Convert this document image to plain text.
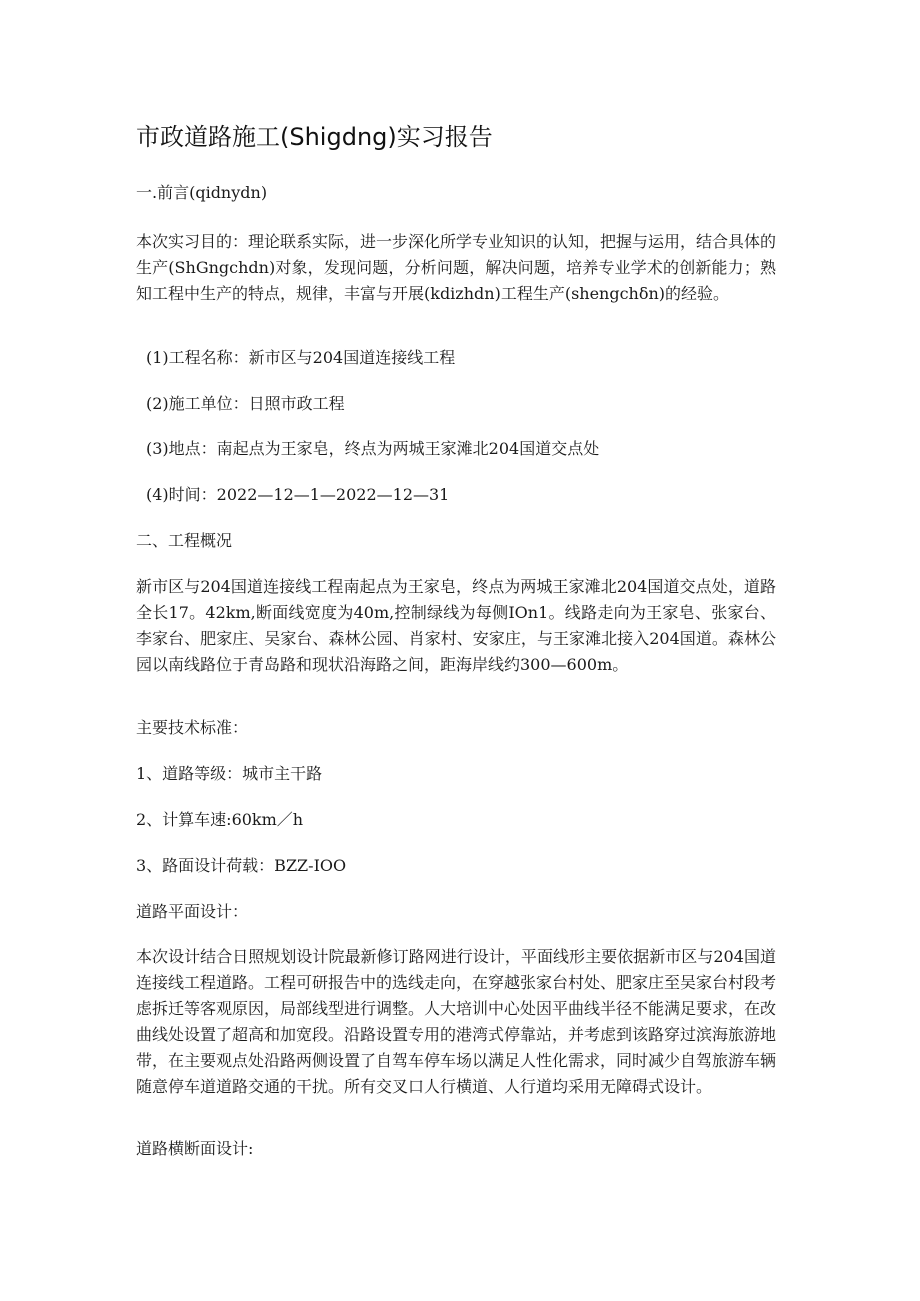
市政道路施工(Shigdng)实习报告

一.前言(qidnydn)

本次实习目的：理论联系实际，进一步深化所学专业知识的认知，把握与运用，结合具体的生产(ShGngchdn)对象，发现问题，分析问题，解决问题，培养专业学术的创新能力；熟知工程中生产的特点，规律，丰富与开展(kdizhdn)工程生产(shengchδn)的经验。

(1)工程名称：新市区与204国道连接线工程

(2)施工单位：日照市政工程

(3)地点：南起点为王家皂，终点为两城王家滩北204国道交点处

(4)时间：2022—12—1—2022—12—31

二、工程概况

新市区与204国道连接线工程南起点为王家皂，终点为两城王家滩北204国道交点处，道路全长17。42km,断面线宽度为40m,控制绿线为每侧IOn1。线路走向为王家皂、张家台、李家台、肥家庄、吴家台、森林公园、肖家村、安家庄，与王家滩北接入204国道。森林公园以南线路位于青岛路和现状沿海路之间，距海岸线约300—600m。

主要技术标准：

1、道路等级：城市主干路

2、计算车速:60km／h

3、路面设计荷载：BZZ-IOO

道路平面设计：

本次设计结合日照规划设计院最新修订路网进行设计，平面线形主要依据新市区与204国道连接线工程道路。工程可研报告中的选线走向，在穿越张家台村处、肥家庄至吴家台村段考虑拆迁等客观原因，局部线型进行调整。人大培训中心处因平曲线半径不能满足要求，在改曲线处设置了超高和加宽段。沿路设置专用的港湾式停靠站，并考虑到该路穿过滨海旅游地带，在主要观点处沿路两侧设置了自驾车停车场以满足人性化需求，同时减少自驾旅游车辆随意停车道道路交通的干扰。所有交叉口人行横道、人行道均采用无障碍式设计。

道路横断面设计:
